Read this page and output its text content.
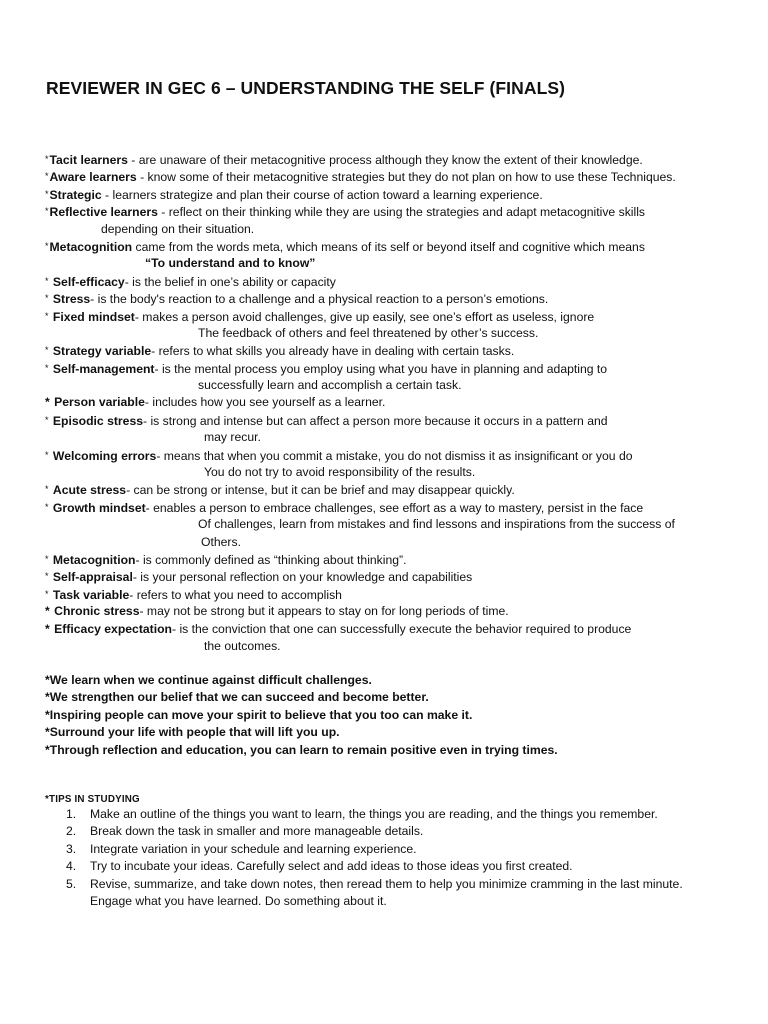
REVIEWER IN GEC 6 – UNDERSTANDING THE SELF (FINALS)
*Tacit learners - are unaware of their metacognitive process although they know the extent of their knowledge.
*Aware learners - know some of their metacognitive strategies but they do not plan on how to use these Techniques.
*Strategic - learners strategize and plan their course of action toward a learning experience.
*Reflective learners - reflect on their thinking while they are using the strategies and adapt metacognitive skills
depending on their situation.
*Metacognition came from the words meta, which means of its self or beyond itself and cognitive which means
“To understand and to know”
* Self-efficacy- is the belief in one’s ability or capacity
* Stress- is the body's reaction to a challenge and a physical reaction to a person’s emotions.
* Fixed mindset- makes a person avoid challenges, give up easily, see one’s effort as useless, ignore
The feedback of others and feel threatened by other’s success.
* Strategy variable- refers to what skills you already have in dealing with certain tasks.
* Self-management- is the mental process you employ using what you have in planning and adapting to
successfully learn and accomplish a certain task.
* Person variable- includes how you see yourself as a learner.
* Episodic stress- is strong and intense but can affect a person more because it occurs in a pattern and
may recur.
* Welcoming errors- means that when you commit a mistake, you do not dismiss it as insignificant or you do
You do not try to avoid responsibility of the results.
* Acute stress- can be strong or intense, but it can be brief and may disappear quickly.
* Growth mindset- enables a person to embrace challenges, see effort as a way to mastery, persist in the face
Of challenges, learn from mistakes and find lessons and inspirations from the success of
Others.
* Metacognition- is commonly defined as “thinking about thinking”.
* Self-appraisal- is your personal reflection on your knowledge and capabilities
* Task variable- refers to what you need to accomplish
* Chronic stress- may not be strong but it appears to stay on for long periods of time.
* Efficacy expectation- is the conviction that one can successfully execute the behavior required to produce
the outcomes.
*We learn when we continue against difficult challenges.
*We strengthen our belief that we can succeed and become better.
*Inspiring people can move your spirit to believe that you too can make it.
*Surround your life with people that will lift you up.
*Through reflection and education, you can learn to remain positive even in trying times.
*TIPS IN STUDYING
1. Make an outline of the things you want to learn, the things you are reading, and the things you remember.
2. Break down the task in smaller and more manageable details.
3. Integrate variation in your schedule and learning experience.
4. Try to incubate your ideas. Carefully select and add ideas to those ideas you first created.
5. Revise, summarize, and take down notes, then reread them to help you minimize cramming in the last minute.
Engage what you have learned. Do something about it.
